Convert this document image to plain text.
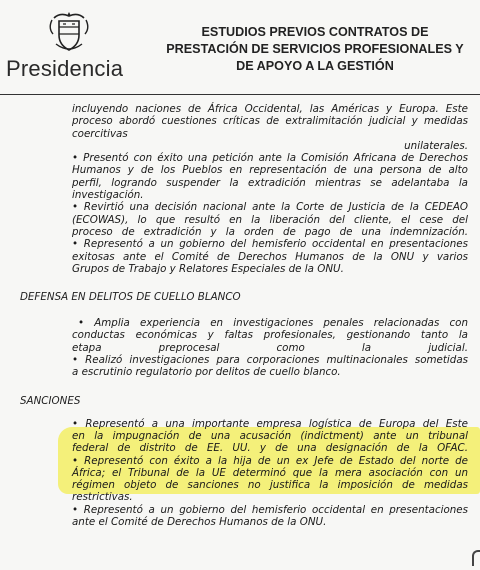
Presidencia
ESTUDIOS PREVIOS CONTRATOS DE
PRESTACIÓN DE SERVICIOS PROFESIONALES Y
DE APOYO A LA GESTIÓN

incluyendo naciones de África Occidental, las Américas y Europa. Este

proceso abordó cuestiones críticas de extralimitación judicial y medidas

coercitivas

unilaterales.

• Presentó con éxito una petición ante la Comisión Africana de Derechos

Humanos y de los Pueblos en representación de una persona de alto

perfil, logrando suspender la extradición mientras se adelantaba la

investigación.

• Revirtió una decisión nacional ante la Corte de Justicia de la CEDEAO

(ECOWAS), lo que resultó en la liberación del cliente, el cese del

proceso de extradición y la orden de pago de una indemnización.

• Representó a un gobierno del hemisferio occidental en presentaciones

exitosas ante el Comité de Derechos Humanos de la ONU y varios

Grupos de Trabajo y Relatores Especiales de la ONU.

DEFENSA EN DELITOS DE CUELLO BLANCO

• Amplia experiencia en investigaciones penales relacionadas con

conductas económicas y faltas profesionales, gestionando tanto la

etapa preprocesal como la judicial.

• Realizó investigaciones para corporaciones multinacionales sometidas

a escrutinio regulatorio por delitos de cuello blanco.

SANCIONES

• Representó a una importante empresa logística de Europa del Este

en la impugnación de una acusación (indictment) ante un tribunal

federal de distrito de EE. UU. y de una designación de la OFAC.

• Representó con éxito a la hija de un ex Jefe de Estado del norte de

África; el Tribunal de la UE determinó que la mera asociación con un

régimen objeto de sanciones no justifica la imposición de medidas

restrictivas.

• Representó a un gobierno del hemisferio occidental en presentaciones

ante el Comité de Derechos Humanos de la ONU.
